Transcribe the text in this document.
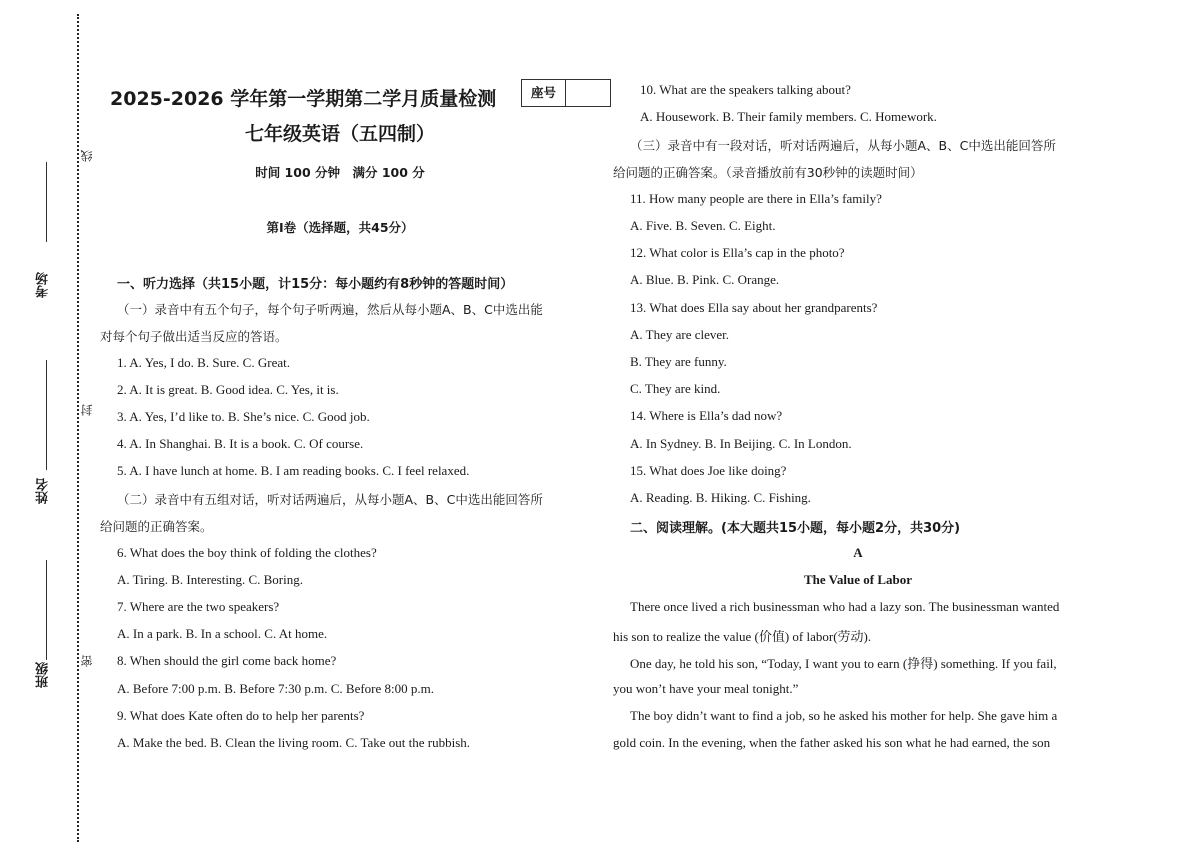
考场
姓名
班级
线
封
密
2025-2026 学年第一学期第二学月质量检测	座号
七年级英语（五四制）
时间 100 分钟　满分 100 分
第Ⅰ卷（选择题，共45分）
一、听力选择（共15小题，计15分：每小题约有8秒钟的答题时间）
（一）录音中有五个句子，每个句子听两遍，然后从每小题A、B、C中选出能
对每个句子做出适当反应的答语。
1. A. Yes, I do. B. Sure. C. Great.
2. A. It is great. B. Good idea. C. Yes, it is.
3. A. Yes, I’d like to. B. She’s nice. C. Good job.
4. A. In Shanghai. B. It is a book. C. Of course.
5. A. I have lunch at home. B. I am reading books. C. I feel relaxed.
（二）录音中有五组对话，听对话两遍后，从每小题A、B、C中选出能回答所
给问题的正确答案。
6. What does the boy think of folding the clothes?
A. Tiring. B. Interesting. C. Boring.
7. Where are the two speakers?
A. In a park. B. In a school. C. At home.
8. When should the girl come back home?
A. Before 7:00 p.m. B. Before 7:30 p.m. C. Before 8:00 p.m.
9. What does Kate often do to help her parents?
A. Make the bed. B. Clean the living room. C. Take out the rubbish.
10. What are the speakers talking about?
A. Housework. B. Their family members. C. Homework.
（三）录音中有一段对话，听对话两遍后，从每小题A、B、C中选出能回答所
给问题的正确答案。（录音播放前有30秒钟的读题时间）
11. How many people are there in Ella’s family?
A. Five. B. Seven. C. Eight.
12. What color is Ella’s cap in the photo?
A. Blue. B. Pink. C. Orange.
13. What does Ella say about her grandparents?
A. They are clever.
B. They are funny.
C. They are kind.
14. Where is Ella’s dad now?
A. In Sydney. B. In Beijing. C. In London.
15. What does Joe like doing?
A. Reading. B. Hiking. C. Fishing.
二、阅读理解。(本大题共15小题，每小题2分，共30分)
A
The Value of Labor
There once lived a rich businessman who had a lazy son. The businessman wanted
his son to realize the value (价值) of labor(劳动).
One day, he told his son, “Today, I want you to earn (挣得) something. If you fail,
you won’t have your meal tonight.”
The boy didn’t want to find a job, so he asked his mother for help. She gave him a
gold coin. In the evening, when the father asked his son what he had earned, the son
